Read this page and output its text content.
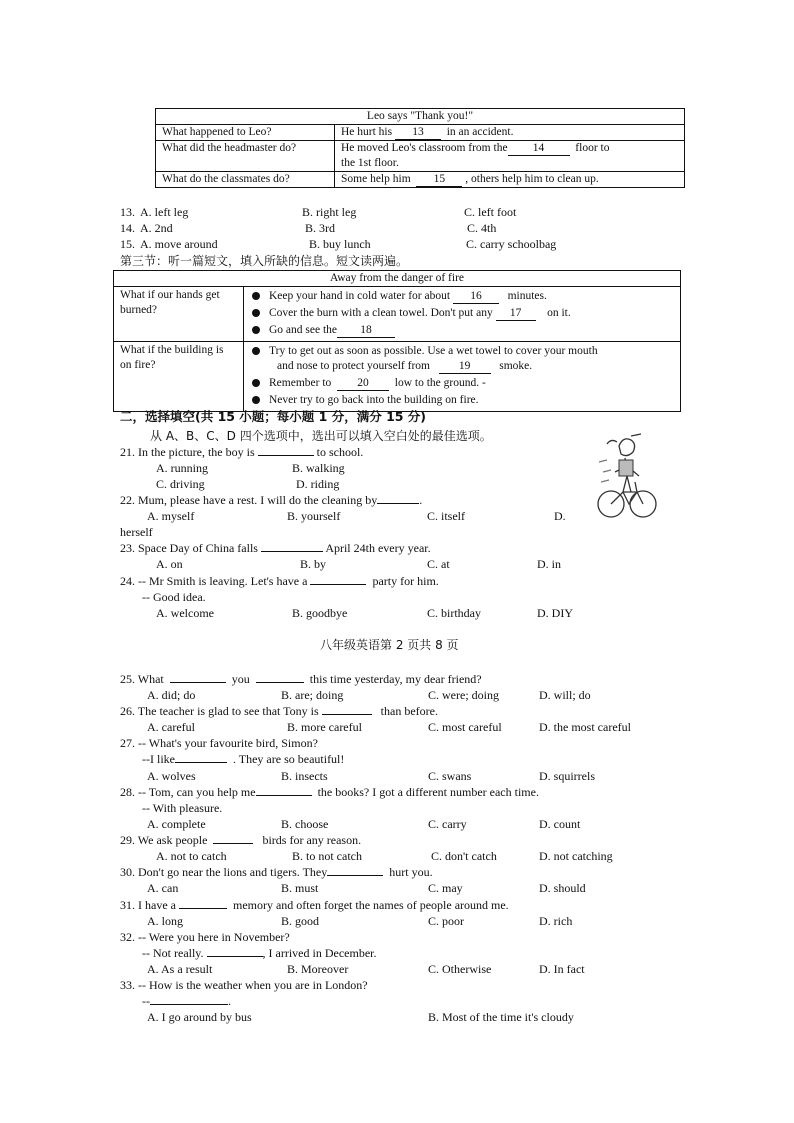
Leo says "Thank you!"	
What happened to Leo?	He hurt his 13 in an accident.
What did the headmaster do?	He moved Leo's classroom from the 14 floor to
the 1st floor.
What do the classmates do?	Some help him 15 , others help him to clean up.
13. A. left leg	B. right leg	C. left foot
14. A. 2nd	B. 3rd	C. 4th
15. A. move around	B. buy lunch	C. carry schoolbag
第三节：听一篇短文，填入所缺的信息。短文读两遍。
Away from the danger of fire	
What if our hands get burned?	Keep your hand in cold water for about 16 minutes.
Cover the burn with a clean towel. Don't put any 17 on it.
Go and see the 18

What if the building is on fire?	Try to get out as soon as possible. Use a wet towel to cover your mouth
and nose to protect yourself from 19 smoke.
Remember to 20 low to the ground. -
Never try to go back into the building on fire.
二，选择填空(共 15 小题；每小题 1 分，满分 15 分)
从 A、B、C、D 四个选项中，选出可以填入空白处的最佳选项。
21. In the picture, the boy is	to school.
A. running	B. walking
C. driving	D. riding
22. Mum, please have a rest. I will do the cleaning by	.
A. myself	B. yourself	C. itself	D.
herself
23. Space Day of China falls	April 24th every year.
A. on	B. by	C. at	D. in
24. -- Mr Smith is leaving. Let's have a	party for him.
-- Good idea.
A. welcome	B. goodbye	C. birthday	D. DIY
八年级英语第 2 页共 8 页
25. What	you	this time yesterday, my dear friend?
A. did; do	B. are; doing	C. were; doing	D. will; do
26. The teacher is glad to see that Tony is	than before.
A. careful	B. more careful	C. most careful	D. the most careful
27. -- What's your favourite bird, Simon?
--I like	. They are so beautiful!
A. wolves	B. insects	C. swans	D. squirrels
28. -- Tom, can you help me	the books? I got a different number each time.
-- With pleasure.
A. complete	B. choose	C. carry	D. count
29. We ask people	birds for any reason.
A. not to catch	B. to not catch	C. don't catch	D. not catching
30. Don't go near the lions and tigers. They	hurt you.
A. can	B. must	C. may	D. should
31. I have a	memory and often forget the names of people around me.
A. long	B. good	C. poor	D. rich
32. -- Were you here in November?
-- Not really.	, I arrived in December.
A. As a result	B. Moreover	C. Otherwise	D. In fact
33. -- How is the weather when you are in London?
--	.
A. I go around by bus	B. Most of the time it's cloudy
